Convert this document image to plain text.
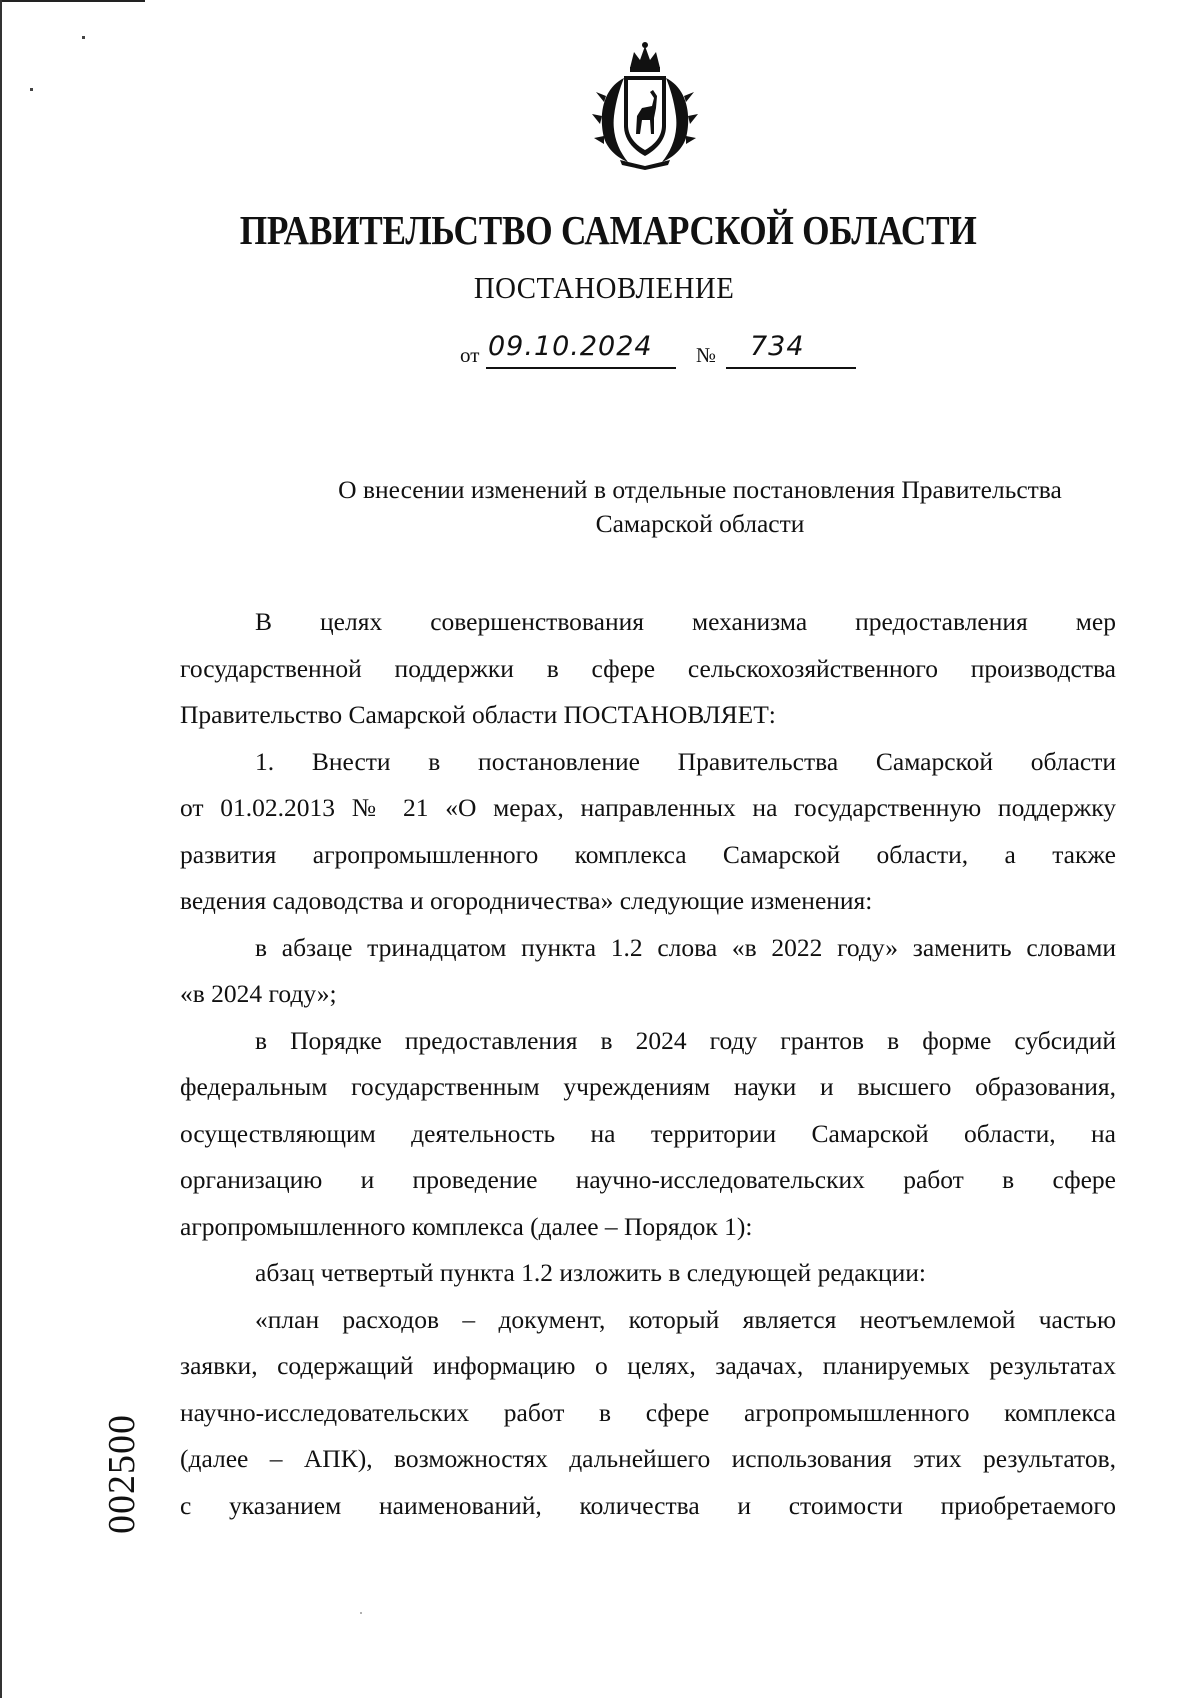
ПРАВИТЕЛЬСТВО САМАРСКОЙ ОБЛАСТИ
ПОСТАНОВЛЕНИЕ
от 09.10.2024 № 734
О внесении изменений в отдельные постановления Правительства
Самарской области

В целях совершенствования механизма предоставления мер

государственной поддержки в сфере сельскохозяйственного производства

Правительство Самарской области ПОСТАНОВЛЯЕТ:

1. Внести в постановление Правительства Самарской области

от 01.02.2013 № 21 «О мерах, направленных на государственную поддержку

развития агропромышленного комплекса Самарской области, а также

ведения садоводства и огородничества» следующие изменения:

в абзаце тринадцатом пункта 1.2 слова «в 2022 году» заменить словами

«в 2024 году»;

в Порядке предоставления в 2024 году грантов в форме субсидий

федеральным государственным учреждениям науки и высшего образования,

осуществляющим деятельность на территории Самарской области, на

организацию и проведение научно-исследовательских работ в сфере

агропромышленного комплекса (далее – Порядок 1):

абзац четвертый пункта 1.2 изложить в следующей редакции:

«план расходов – документ, который является неотъемлемой частью

заявки, содержащий информацию о целях, задачах, планируемых результатах

научно-исследовательских работ в сфере агропромышленного комплекса

(далее – АПК), возможностях дальнейшего использования этих результатов,

с указанием наименований, количества и стоимости приобретаемого

002500
